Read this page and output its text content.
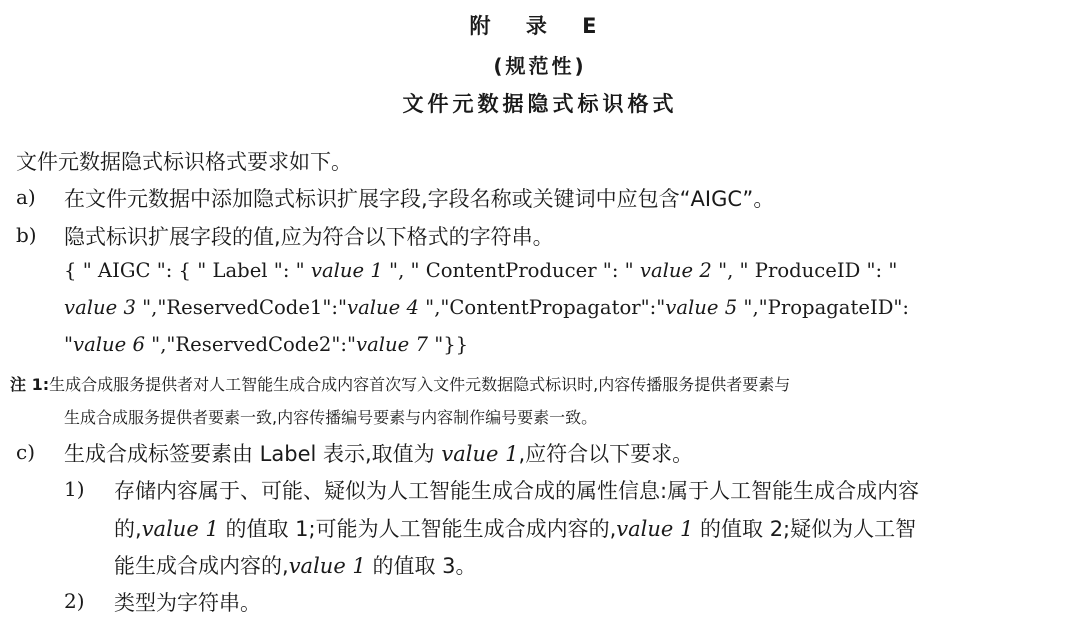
附 录 E
(规范性)
文件元数据隐式标识格式
文件元数据隐式标识格式要求如下。
a) 在文件元数据中添加隐式标识扩展字段,字段名称或关键词中应包含“AIGC”。
b) 隐式标识扩展字段的值,应为符合以下格式的字符串。
{ " AIGC ": { " Label ": " value 1 ", " ContentProducer ": " value 2 ", " ProduceID ": "
value 3 ","ReservedCode1":"value 4 ","ContentPropagator":"value 5 ","PropagateID":
"value 6 ","ReservedCode2":"value 7 "}}
注 1:生成合成服务提供者对人工智能生成合成内容首次写入文件元数据隐式标识时,内容传播服务提供者要素与
生成合成服务提供者要素一致,内容传播编号要素与内容制作编号要素一致。
c) 生成合成标签要素由 Label 表示,取值为 value 1,应符合以下要求。
1) 存储内容属于、可能、疑似为人工智能生成合成的属性信息:属于人工智能生成合成内容
的,value 1 的值取 1;可能为人工智能生成合成内容的,value 1 的值取 2;疑似为人工智
能生成合成内容的,value 1 的值取 3。
2) 类型为字符串。
